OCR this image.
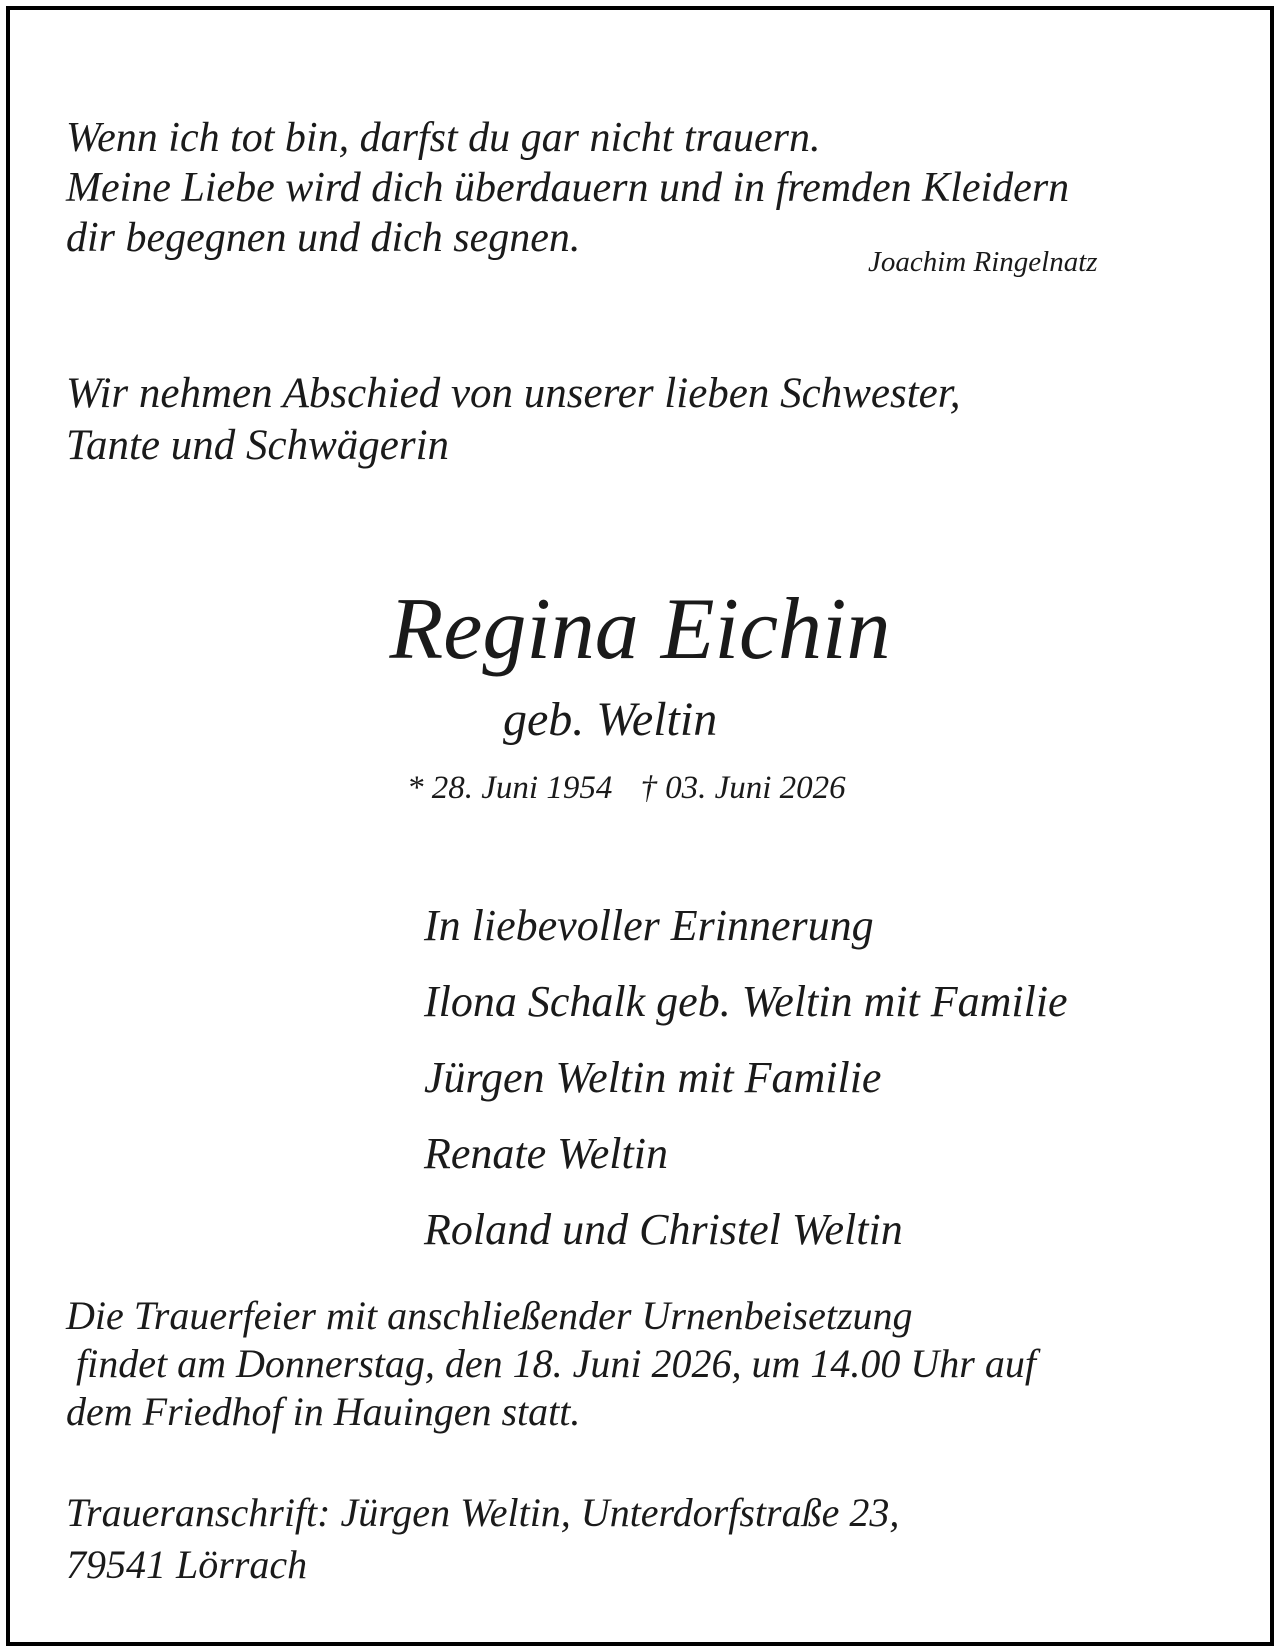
Wenn ich tot bin, darfst du gar nicht trauern.
Meine Liebe wird dich überdauern und in fremden Kleidern
dir begegnen und dich segnen.

Joachim Ringelnatz

Wir nehmen Abschied von unserer lieben Schwester,
Tante und Schwägerin

Regina Eichin

geb. Weltin

* 28. Juni 1954 † 03. Juni 2026

In liebevoller Erinnerung
Ilona Schalk geb. Weltin mit Familie
Jürgen Weltin mit Familie
Renate Weltin
Roland und Christel Weltin
Die Trauerfeier mit anschließender Urnenbeisetzung
findet am Donnerstag, den 18. Juni 2026, um 14.00 Uhr auf
dem Friedhof in Hauingen statt.
Traueranschrift: Jürgen Weltin, Unterdorfstraße 23,
79541 Lörrach
